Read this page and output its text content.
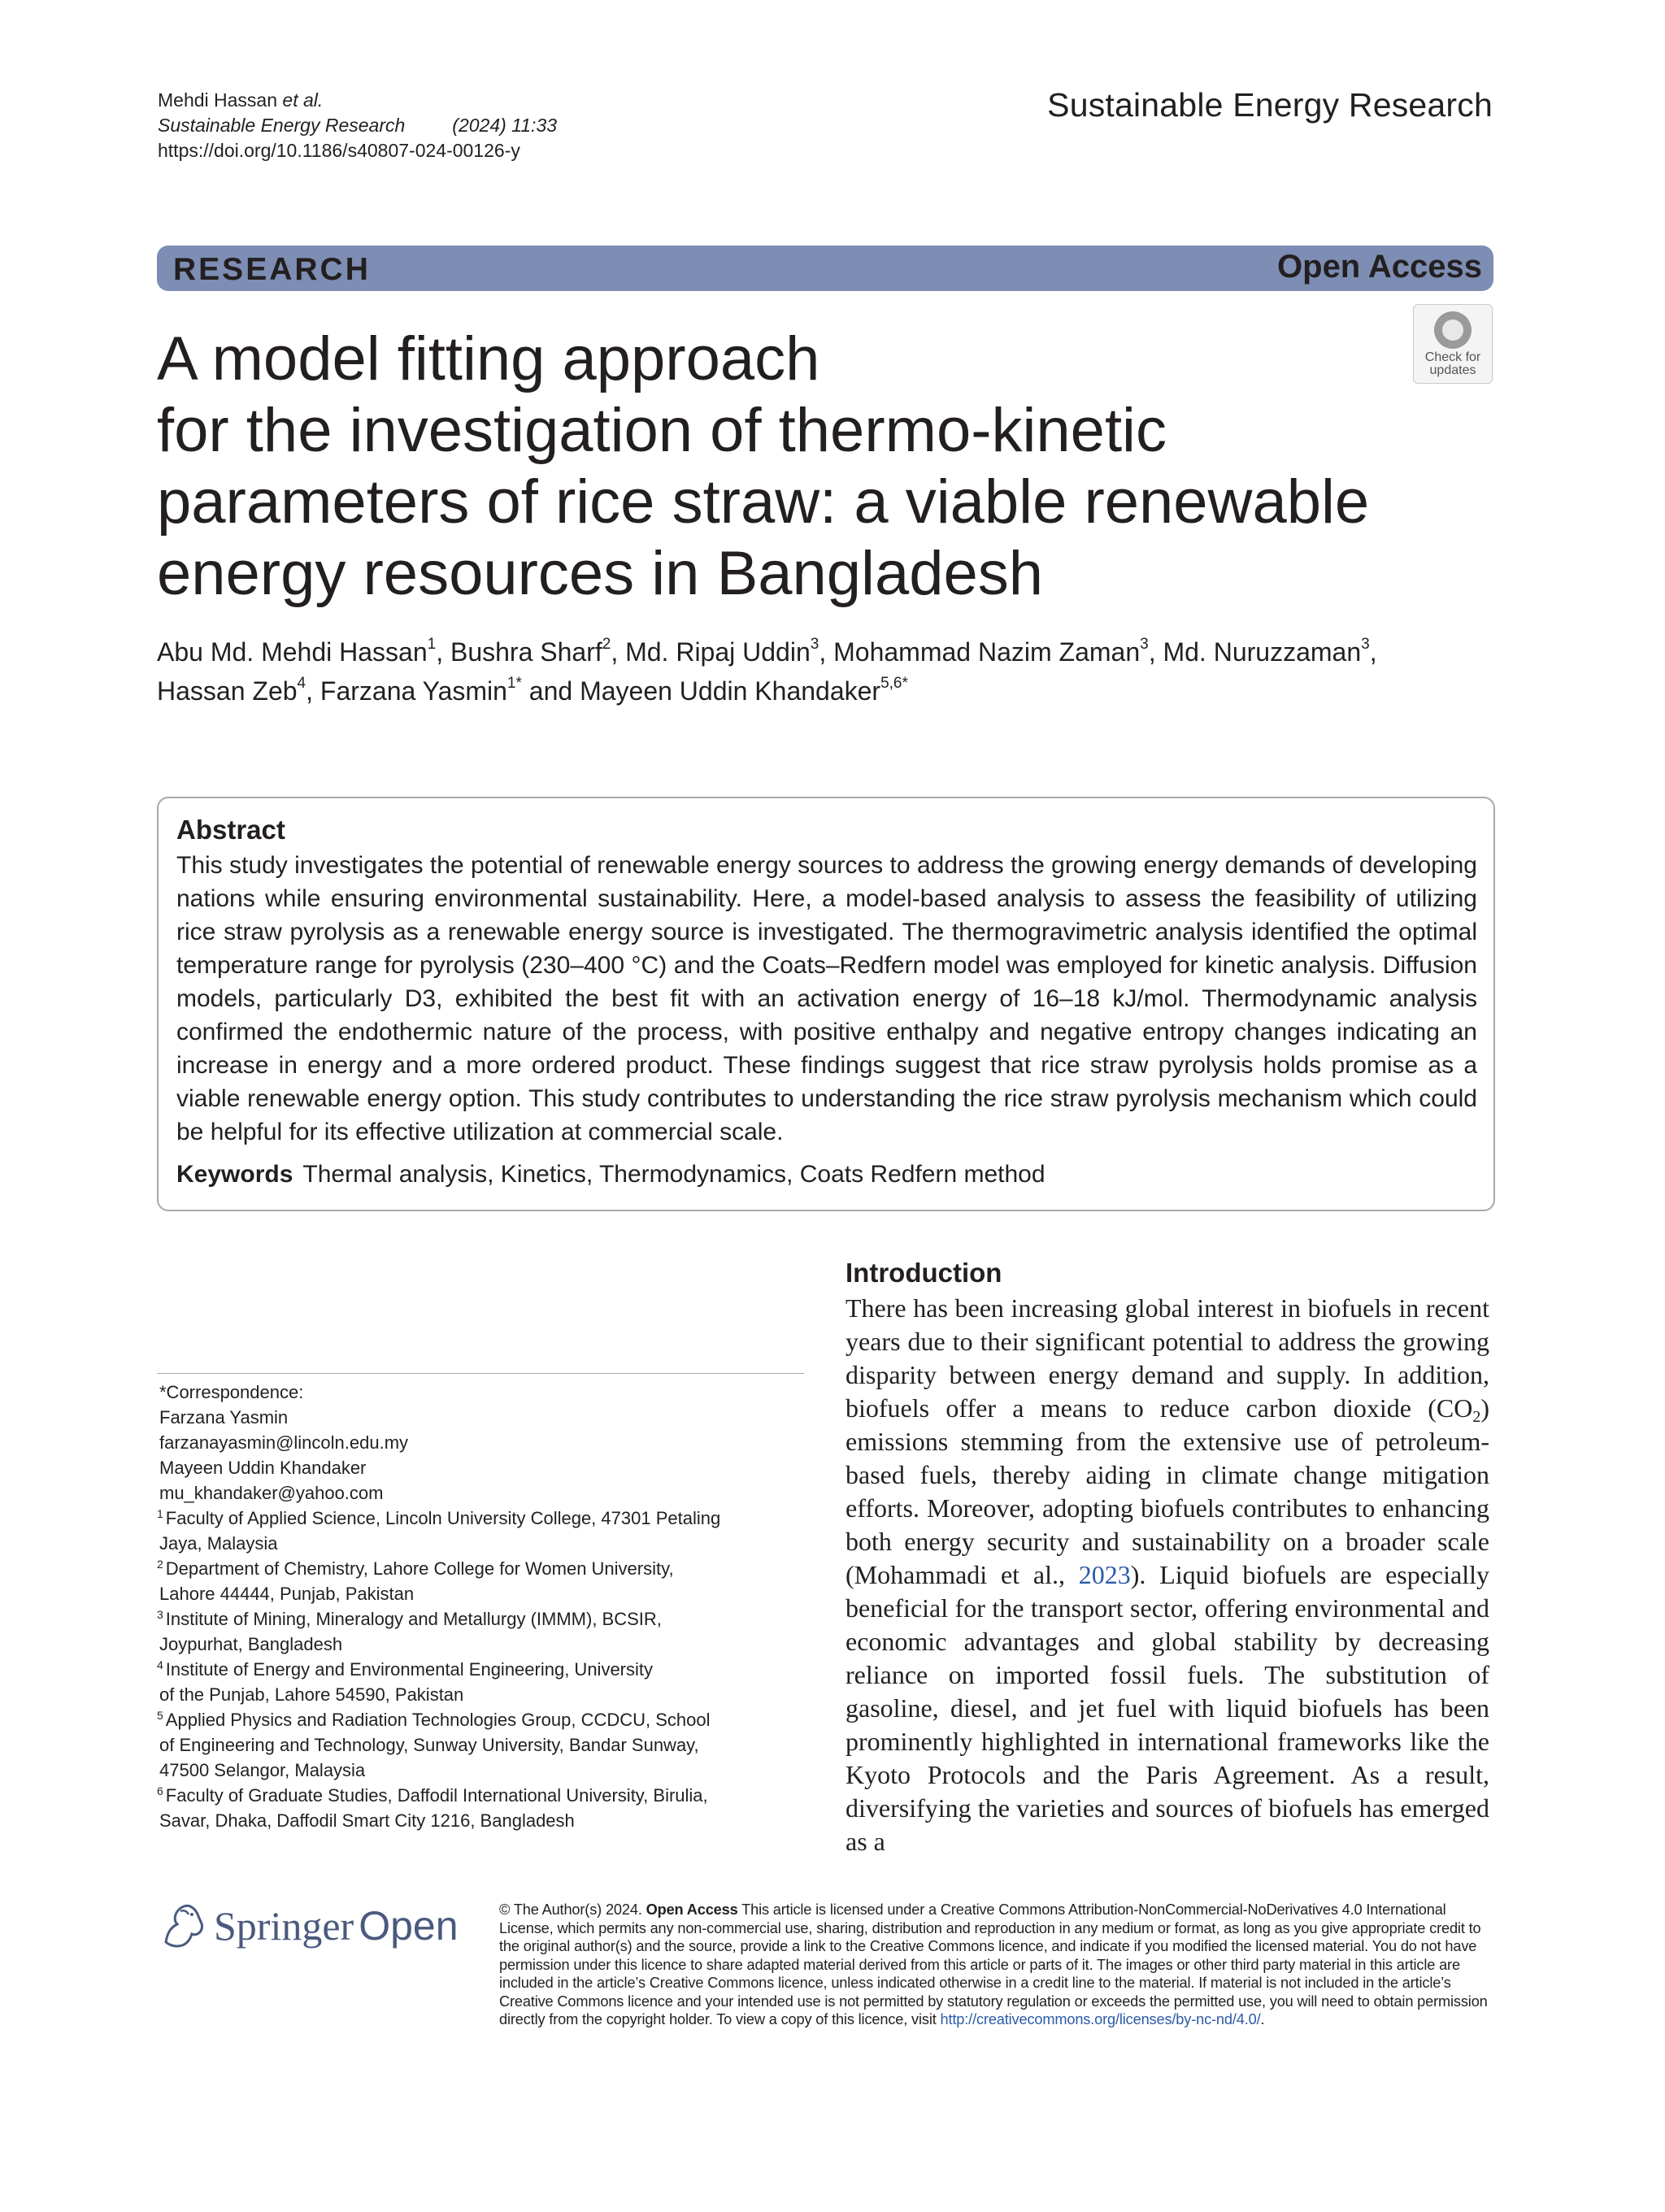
Mehdi Hassan et al.
Sustainable Energy Research	(2024) 11:33
https://doi.org/10.1186/s40807-024-00126-y
Sustainable Energy Research
RESEARCH	Open Access
Check for
updates
A model fitting approach
for the investigation of thermo-kinetic
parameters of rice straw: a viable renewable
energy resources in Bangladesh
Abu Md. Mehdi Hassan$^1$, Bushra Sharf$^2$, Md. Ripaj Uddin$^3$, Mohammad Nazim Zaman$^3$, Md. Nuruzzaman$^3$,
Hassan Zeb$^4$, Farzana Yasmin$^{1*}$ and Mayeen Uddin Khandaker$^{5,6*}$
Abstract
This study investigates the potential of renewable energy sources to address the growing energy demands of developing nations while ensuring environmental sustainability. Here, a model-based analysis to assess the feasibility of utilizing rice straw pyrolysis as a renewable energy source is investigated. The thermogravimetric analysis identified the optimal temperature range for pyrolysis (230–400 °C) and the Coats–Redfern model was employed for kinetic analysis. Diffusion models, particularly D3, exhibited the best fit with an activation energy of 16–18 kJ/mol. Thermodynamic analysis confirmed the endothermic nature of the process, with positive enthalpy and negative entropy changes indicating an increase in energy and a more ordered product. These findings suggest that rice straw pyrolysis holds promise as a viable renewable energy option. This study contributes to understanding the rice straw pyrolysis mechanism which could be helpful for its effective utilization at commercial scale.
Keywords Thermal analysis, Kinetics, Thermodynamics, Coats Redfern method
Introduction
There has been increasing global interest in biofuels in recent years due to their significant potential to address the growing disparity between energy demand and supply. In addition, biofuels offer a means to reduce carbon dioxide $(CO_2)$ emissions stemming from the extensive use of petroleum-based fuels, thereby aiding in climate change mitigation efforts. Moreover, adopting biofuels contributes to enhancing both energy security and sustainability on a broader scale (Mohammadi et al., 2023). Liquid biofuels are especially beneficial for the transport sector, offering environmental and economic advantages and global stability by decreasing reliance on imported fossil fuels. The substitution of gasoline, diesel, and jet fuel with liquid biofuels has been prominently highlighted in international frameworks like the Kyoto Protocols and the Paris Agreement. As a result, diversifying the varieties and sources of biofuels has emerged as a
*Correspondence:
Farzana Yasmin
farzanayasmin@lincoln.edu.my
Mayeen Uddin Khandaker
mu_khandaker@yahoo.com
$^1$ Faculty of Applied Science, Lincoln University College, 47301 Petaling
Jaya, Malaysia
$^2$ Department of Chemistry, Lahore College for Women University,
Lahore 44444, Punjab, Pakistan
$^3$ Institute of Mining, Mineralogy and Metallurgy (IMMM), BCSIR,
Joypurhat, Bangladesh
$^4$ Institute of Energy and Environmental Engineering, University
of the Punjab, Lahore 54590, Pakistan
$^5$ Applied Physics and Radiation Technologies Group, CCDCU, School
of Engineering and Technology, Sunway University, Bandar Sunway,
47500 Selangor, Malaysia
$^6$ Faculty of Graduate Studies, Daffodil International University, Birulia,
Savar, Dhaka, Daffodil Smart City 1216, Bangladesh
Springer Open	© The Author(s) 2024. Open Access This article is licensed under a Creative Commons Attribution-NonCommercial-NoDerivatives 4.0 International License, which permits any non-commercial use, sharing, distribution and reproduction in any medium or format, as long as you give appropriate credit to the original author(s) and the source, provide a link to the Creative Commons licence, and indicate if you modified the licensed material. You do not have permission under this licence to share adapted material derived from this article or parts of it. The images or other third party material in this article are included in the article’s Creative Commons licence, unless indicated otherwise in a credit line to the material. If material is not included in the article’s Creative Commons licence and your intended use is not permitted by statutory regulation or exceeds the permitted use, you will need to obtain permission directly from the copyright holder. To view a copy of this licence, visit http://creativecommons.org/licenses/by-nc-nd/4.0/.
